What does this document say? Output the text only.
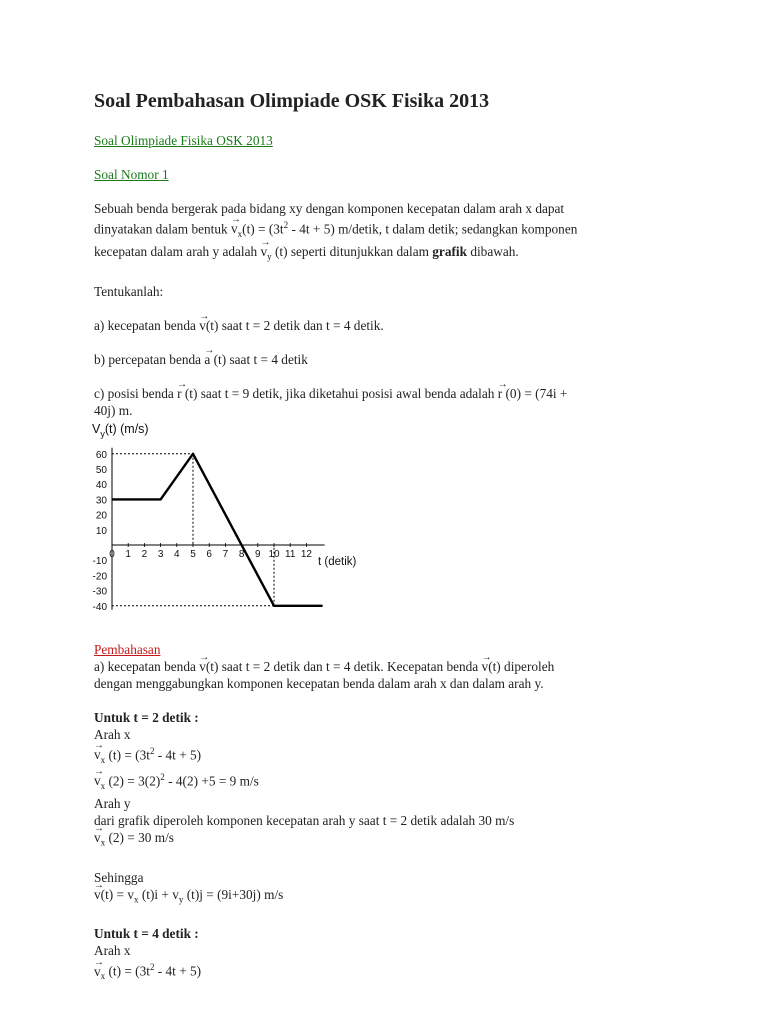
Soal Pembahasan Olimpiade OSK Fisika 2013

Soal Olimpiade Fisika OSK 2013

Soal Nomor 1

Sebuah benda bergerak pada bidang xy dengan komponen kecepatan dalam arah x dapat
dinyatakan dalam bentuk → $v_x(t) = (3t^2 - 4t + 5)$ m/detik, t dalam detik; sedangkan komponen
kecepatan dalam arah y adalah → $v_y$ (t) seperti ditunjukkan dalam grafik dibawah.

Tentukanlah:

a) kecepatan benda → v(t) saat t = 2 detik dan t = 4 detik.

b) percepatan benda → a (t) saat t = 4 detik

c) posisi benda → r (t) saat t = 9 detik, jika diketahui posisi awal benda adalah → r (0) = (74i +
40j) m.

$V_y(t)$ (m/s)
0 1 2 3 4 5 6 7 8 9 10 11 12
60
50
40
30
20
10
-10
-20
-30
-40
t (detik)

Pembahasan

a) kecepatan benda → v(t) saat t = 2 detik dan t = 4 detik. Kecepatan benda → v(t) diperoleh
dengan menggabungkan komponen kecepatan benda dalam arah x dan dalam arah y.

Untuk t = 2 detik :

Arah x

→ $v_x$ $(t) = (3t^2 - 4t + 5)$

→ $v_x$ $(2) = 3(2)^2 - 4(2) +5 = 9$ m/s

Arah y

dari grafik diperoleh komponen kecepatan arah y saat t = 2 detik adalah 30 m/s

→ $v_x$ (2) = 30 m/s

Sehingga

→ $v(t) = v_x$ $(t)i + v_y$ (t)j = (9i+30j) m/s

Untuk t = 4 detik :

Arah x

→ $v_x$ $(t) = (3t^2 - 4t + 5)$
